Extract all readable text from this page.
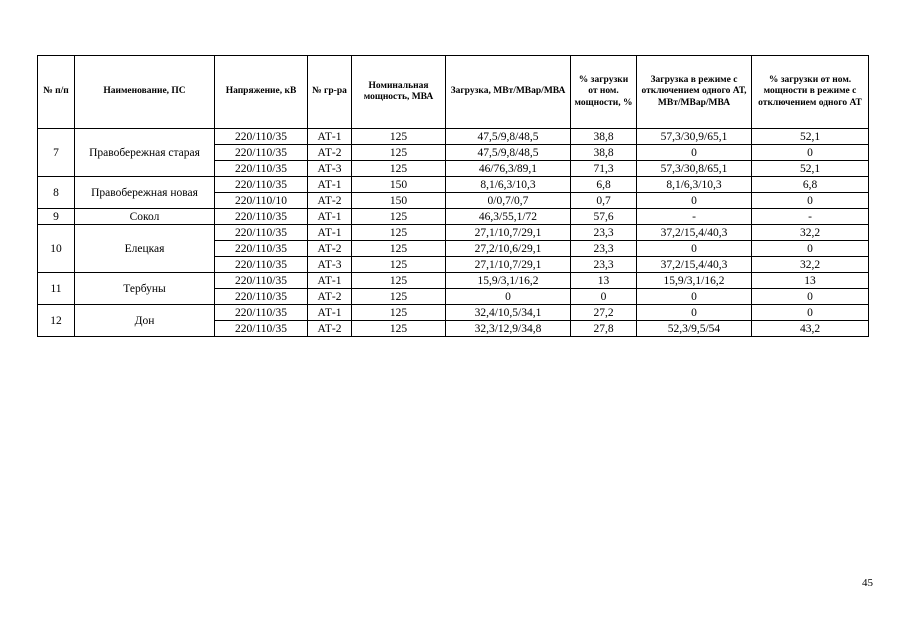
№ п/п	Наименование, ПС	Напряжение, кВ	№ гр-ра	Номинальная мощность, МВА	Загрузка, МВт/МВар/МВА	% загрузки от ном. мощности, %	Загрузка в режиме с отключением одного АТ, МВт/МВар/МВА	% загрузки от ном. мощности в режиме с отключением одного АТ
7	Правобережная старая	220/110/35	АТ-1	125	47,5/9,8/48,5	38,8	57,3/30,9/65,1	52,1
		220/110/35	АТ-2	125	47,5/9,8/48,5	38,8	0	0
		220/110/35	АТ-3	125	46/76,3/89,1	71,3	57,3/30,8/65,1	52,1
8	Правобережная новая	220/110/35	АТ-1	150	8,1/6,3/10,3	6,8	8,1/6,3/10,3	6,8
		220/110/10	АТ-2	150	0/0,7/0,7	0,7	0	0
9	Сокол	220/110/35	АТ-1	125	46,3/55,1/72	57,6	-	-
10	Елецкая	220/110/35	АТ-1	125	27,1/10,7/29,1	23,3	37,2/15,4/40,3	32,2
		220/110/35	АТ-2	125	27,2/10,6/29,1	23,3	0	0
		220/110/35	АТ-3	125	27,1/10,7/29,1	23,3	37,2/15,4/40,3	32,2
11	Тербуны	220/110/35	АТ-1	125	15,9/3,1/16,2	13	15,9/3,1/16,2	13
		220/110/35	АТ-2	125	0	0	0	0
12	Дон	220/110/35	АТ-1	125	32,4/10,5/34,1	27,2	0	0
		220/110/35	АТ-2	125	32,3/12,9/34,8	27,8	52,3/9,5/54	43,2
45
